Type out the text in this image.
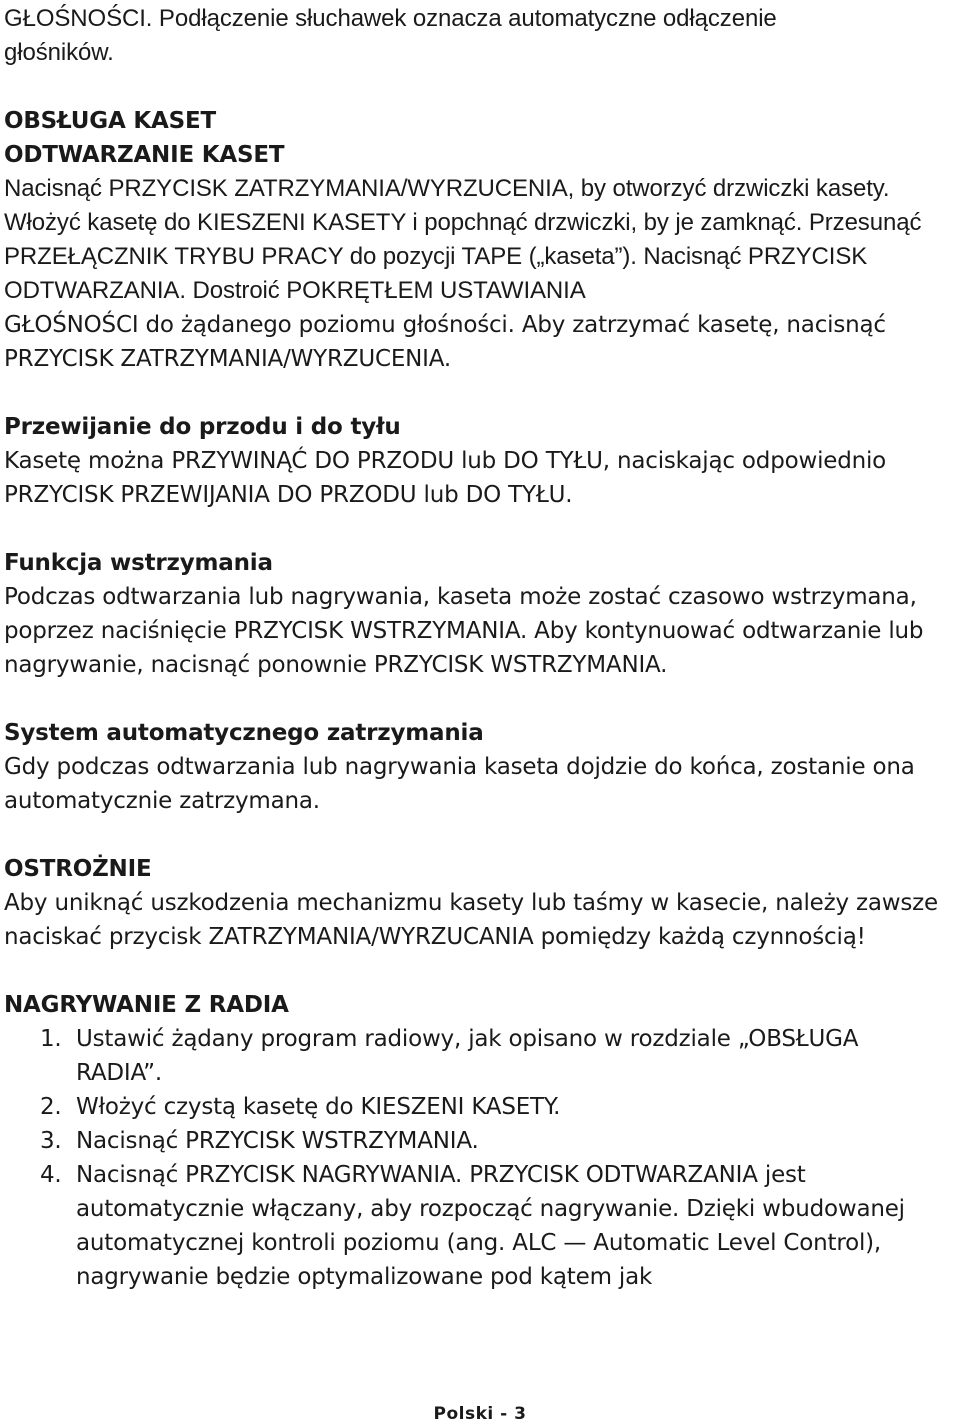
GŁOŚNOŚCI. Podłączenie słuchawek oznacza automatyczne odłączenie

głośników.

OBSŁUGA KASET
ODTWARZANIE KASET

Nacisnąć PRZYCISK ZATRZYMANIA/WYRZUCENIA, by otworzyć drzwiczki kasety. Włożyć kasetę do KIESZENI KASETY i popchnąć drzwiczki, by je zamknąć. Przesunąć PRZEŁĄCZNIK TRYBU PRACY do pozycji TAPE („kaseta”). Nacisnąć PRZYCISK ODTWARZANIA. Dostroić POKRĘTŁEM USTAWIANIA

GŁOŚNOŚCI do żądanego poziomu głośności. Aby zatrzymać kasetę, nacisnąć PRZYCISK ZATRZYMANIA/WYRZUCENIA.

Przewijanie do przodu i do tyłu

Kasetę można PRZYWINĄĆ DO PRZODU lub DO TYŁU, naciskając odpowiednio PRZYCISK PRZEWIJANIA DO PRZODU lub DO TYŁU.

Funkcja wstrzymania

Podczas odtwarzania lub nagrywania, kaseta może zostać czasowo wstrzymana, poprzez naciśnięcie PRZYCISK WSTRZYMANIA. Aby kontynuować odtwarzanie lub nagrywanie, nacisnąć ponownie PRZYCISK WSTRZYMANIA.

System automatycznego zatrzymania

Gdy podczas odtwarzania lub nagrywania kaseta dojdzie do końca, zostanie ona automatycznie zatrzymana.

OSTROŻNIE

Aby uniknąć uszkodzenia mechanizmu kasety lub taśmy w kasecie, należy zawsze naciskać przycisk ZATRZYMANIA/WYRZUCANIA pomiędzy każdą czynnością!

NAGRYWANIE Z RADIA
1. Ustawić żądany program radiowy, jak opisano w rozdziale „OBSŁUGA RADIA”.
2. Włożyć czystą kasetę do KIESZENI KASETY.
3. Nacisnąć PRZYCISK WSTRZYMANIA.
4. Nacisnąć PRZYCISK NAGRYWANIA. PRZYCISK ODTWARZANIA jest automatycznie włączany, aby rozpocząć nagrywanie. Dzięki wbudowanej automatycznej kontroli poziomu (ang. ALC — Automatic Level Control), nagrywanie będzie optymalizowane pod kątem jak
Polski - 3
